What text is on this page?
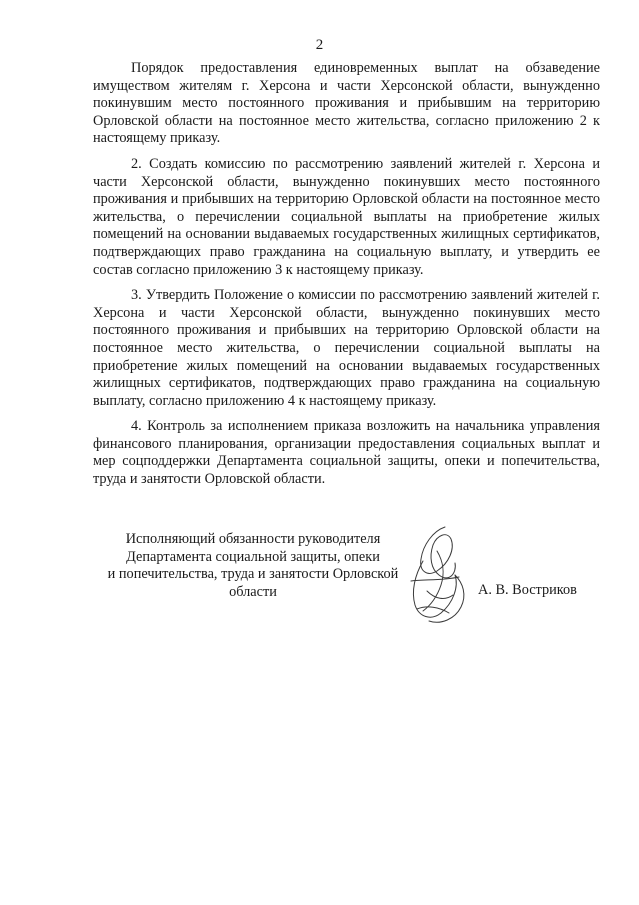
2

Порядок предоставления единовременных выплат на обзаведение имуществом жителям г. Херсона и части Херсонской области, вынужденно покинувшим место постоянного проживания и прибывшим на территорию Орловской области на постоянное место жительства, согласно приложению 2 к настоящему приказу.

2. Создать комиссию по рассмотрению заявлений жителей г. Херсона и части Херсонской области, вынужденно покинувших место постоянного проживания и прибывших на территорию Орловской области на постоянное место жительства, о перечислении социальной выплаты на приобретение жилых помещений на основании выдаваемых государственных жилищных сертификатов, подтверждающих право гражданина на социальную выплату, и утвердить ее состав согласно приложению 3 к настоящему приказу.

3. Утвердить Положение о комиссии по рассмотрению заявлений жителей г. Херсона и части Херсонской области, вынужденно покинувших место постоянного проживания и прибывших на территорию Орловской области на постоянное место жительства, о перечислении социальной выплаты на приобретение жилых помещений на основании выдаваемых государственных жилищных сертификатов, подтверждающих право гражданина на социальную выплату, согласно приложению 4 к настоящему приказу.

4. Контроль за исполнением приказа возложить на начальника управления финансового планирования, организации предоставления социальных выплат и мер соцподдержки Департамента социальной защиты, опеки и попечительства, труда и занятости Орловской области.

Исполняющий обязанности руководителя
Департамента социальной защиты, опеки
и попечительства, труда и занятости Орловской
области	А. В. Востриков
